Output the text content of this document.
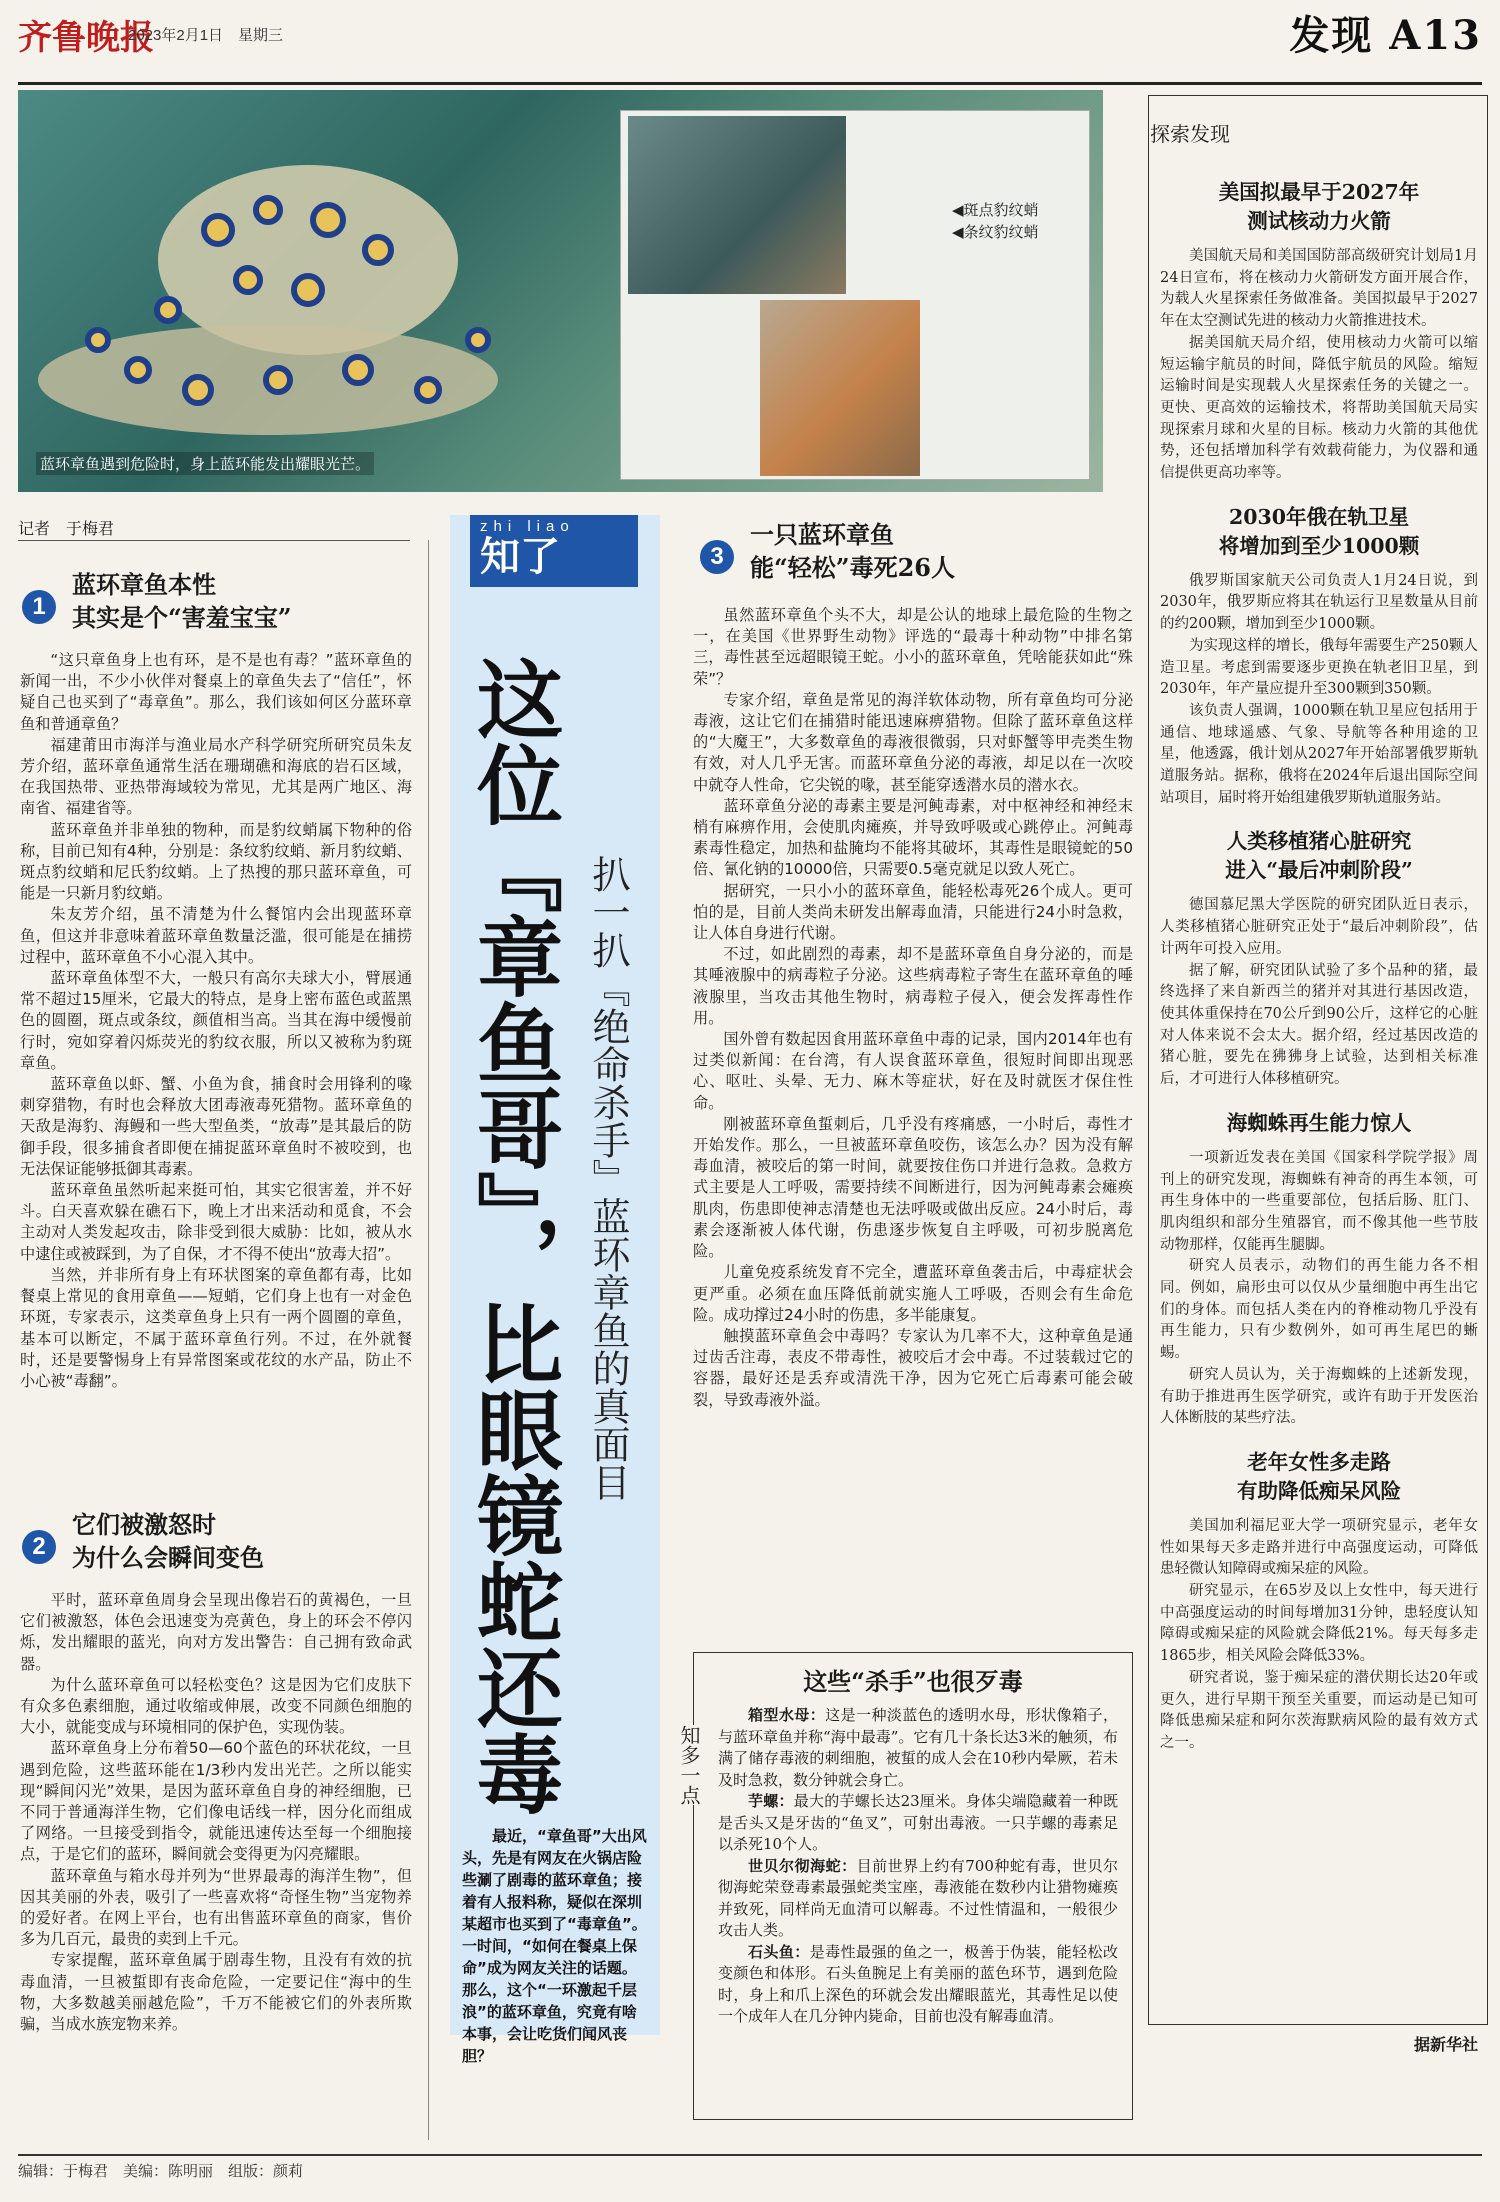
齐鲁晚报
2023年2月1日　星期三	发现 A13
◀斑点豹纹蛸
◀条纹豹纹蛸
蓝环章鱼遇到危险时，身上蓝环能发出耀眼光芒。
记者　于梅君
1
蓝环章鱼本性
其实是个“害羞宝宝”

“这只章鱼身上也有环，是不是也有毒？”蓝环章鱼的新闻一出，不少小伙伴对餐桌上的章鱼失去了“信任”，怀疑自己也买到了“毒章鱼”。那么，我们该如何区分蓝环章鱼和普通章鱼？

福建莆田市海洋与渔业局水产科学研究所研究员朱友芳介绍，蓝环章鱼通常生活在珊瑚礁和海底的岩石区域，在我国热带、亚热带海域较为常见，尤其是两广地区、海南省、福建省等。

蓝环章鱼并非单独的物种，而是豹纹蛸属下物种的俗称，目前已知有4种，分别是：条纹豹纹蛸、新月豹纹蛸、斑点豹纹蛸和尼氏豹纹蛸。上了热搜的那只蓝环章鱼，可能是一只新月豹纹蛸。

朱友芳介绍，虽不清楚为什么餐馆内会出现蓝环章鱼，但这并非意味着蓝环章鱼数量泛滥，很可能是在捕捞过程中，蓝环章鱼不小心混入其中。

蓝环章鱼体型不大，一般只有高尔夫球大小，臂展通常不超过15厘米，它最大的特点，是身上密布蓝色或蓝黑色的圆圈，斑点或条纹，颜值相当高。当其在海中缓慢前行时，宛如穿着闪烁荧光的豹纹衣服，所以又被称为豹斑章鱼。

蓝环章鱼以虾、蟹、小鱼为食，捕食时会用锋利的喙刺穿猎物，有时也会释放大团毒液毒死猎物。蓝环章鱼的天敌是海豹、海鳗和一些大型鱼类，“放毒”是其最后的防御手段，很多捕食者即便在捕捉蓝环章鱼时不被咬到，也无法保证能够抵御其毒素。

蓝环章鱼虽然听起来挺可怕，其实它很害羞，并不好斗。白天喜欢躲在礁石下，晚上才出来活动和觅食，不会主动对人类发起攻击，除非受到很大威胁：比如，被从水中逮住或被踩到，为了自保，才不得不使出“放毒大招”。

当然，并非所有身上有环状图案的章鱼都有毒，比如餐桌上常见的食用章鱼——短蛸，它们身上也有一对金色环斑，专家表示，这类章鱼身上只有一两个圆圈的章鱼，基本可以断定，不属于蓝环章鱼行列。不过，在外就餐时，还是要警惕身上有异常图案或花纹的水产品，防止不小心被“毒翻”。

2
它们被激怒时
为什么会瞬间变色

平时，蓝环章鱼周身会呈现出像岩石的黄褐色，一旦它们被激怒，体色会迅速变为亮黄色，身上的环会不停闪烁，发出耀眼的蓝光，向对方发出警告：自己拥有致命武器。

为什么蓝环章鱼可以轻松变色？这是因为它们皮肤下有众多色素细胞，通过收缩或伸展，改变不同颜色细胞的大小，就能变成与环境相同的保护色，实现伪装。

蓝环章鱼身上分布着50—60个蓝色的环状花纹，一旦遇到危险，这些蓝环能在1/3秒内发出光芒。之所以能实现“瞬间闪光”效果，是因为蓝环章鱼自身的神经细胞，已不同于普通海洋生物，它们像电话线一样，因分化而组成了网络。一旦接受到指令，就能迅速传达至每一个细胞接点，于是它们的蓝环，瞬间就会变得更为闪亮耀眼。

蓝环章鱼与箱水母并列为“世界最毒的海洋生物”，但因其美丽的外表，吸引了一些喜欢将“奇怪生物”当宠物养的爱好者。在网上平台，也有出售蓝环章鱼的商家，售价多为几百元，最贵的卖到上千元。

专家提醒，蓝环章鱼属于剧毒生物，且没有有效的抗毒血清，一旦被蜇即有丧命危险，一定要记住“海中的生物，大多数越美丽越危险”，千万不能被它们的外表所欺骗，当成水族宠物来养。

zhi liao
知了
这位『章鱼哥』，比眼镜蛇还毒 扒一扒『绝命杀手』蓝环章鱼的真面目
最近，“章鱼哥”大出风头，先是有网友在火锅店险些涮了剧毒的蓝环章鱼；接着有人报料称，疑似在深圳某超市也买到了“毒章鱼”。一时间，“如何在餐桌上保命”成为网友关注的话题。那么，这个“一环激起千层浪”的蓝环章鱼，究竟有啥本事，会让吃货们闻风丧胆？
3
一只蓝环章鱼
能“轻松”毒死26人

虽然蓝环章鱼个头不大，却是公认的地球上最危险的生物之一，在美国《世界野生动物》评选的“最毒十种动物”中排名第三，毒性甚至远超眼镜王蛇。小小的蓝环章鱼，凭啥能获如此“殊荣”？

专家介绍，章鱼是常见的海洋软体动物，所有章鱼均可分泌毒液，这让它们在捕猎时能迅速麻痹猎物。但除了蓝环章鱼这样的“大魔王”，大多数章鱼的毒液很微弱，只对虾蟹等甲壳类生物有效，对人几乎无害。而蓝环章鱼分泌的毒液，却足以在一次咬中就夺人性命，它尖锐的喙，甚至能穿透潜水员的潜水衣。

蓝环章鱼分泌的毒素主要是河鲀毒素，对中枢神经和神经末梢有麻痹作用，会使肌肉瘫痪，并导致呼吸或心跳停止。河鲀毒素毒性稳定，加热和盐腌均不能将其破坏，其毒性是眼镜蛇的50倍、氰化钠的10000倍，只需要0.5毫克就足以致人死亡。

据研究，一只小小的蓝环章鱼，能轻松毒死26个成人。更可怕的是，目前人类尚未研发出解毒血清，只能进行24小时急救，让人体自身进行代谢。

不过，如此剧烈的毒素，却不是蓝环章鱼自身分泌的，而是其唾液腺中的病毒粒子分泌。这些病毒粒子寄生在蓝环章鱼的唾液腺里，当攻击其他生物时，病毒粒子侵入，便会发挥毒性作用。

国外曾有数起因食用蓝环章鱼中毒的记录，国内2014年也有过类似新闻：在台湾，有人误食蓝环章鱼，很短时间即出现恶心、呕吐、头晕、无力、麻木等症状，好在及时就医才保住性命。

刚被蓝环章鱼蜇刺后，几乎没有疼痛感，一小时后，毒性才开始发作。那么，一旦被蓝环章鱼咬伤，该怎么办？因为没有解毒血清，被咬后的第一时间，就要按住伤口并进行急救。急救方式主要是人工呼吸，需要持续不间断进行，因为河鲀毒素会瘫痪肌肉，伤患即使神志清楚也无法呼吸或做出反应。24小时后，毒素会逐渐被人体代谢，伤患逐步恢复自主呼吸，可初步脱离危险。

儿童免疫系统发育不完全，遭蓝环章鱼袭击后，中毒症状会更严重。必须在血压降低前就实施人工呼吸，否则会有生命危险。成功撑过24小时的伤患，多半能康复。

触摸蓝环章鱼会中毒吗？专家认为几率不大，这种章鱼是通过齿舌注毒，表皮不带毒性，被咬后才会中毒。不过装载过它的容器，最好还是丢弃或清洗干净，因为它死亡后毒素可能会破裂，导致毒液外溢。

这些“杀手”也很歹毒
知多一点

箱型水母：这是一种淡蓝色的透明水母，形状像箱子，与蓝环章鱼并称“海中最毒”。它有几十条长达3米的触须，布满了储存毒液的刺细胞，被蜇的成人会在10秒内晕厥，若未及时急救，数分钟就会身亡。

芋螺：最大的芋螺长达23厘米。身体尖端隐藏着一种既是舌头又是牙齿的“鱼叉”，可射出毒液。一只芋螺的毒素足以杀死10个人。

世贝尔彻海蛇：目前世界上约有700种蛇有毒，世贝尔彻海蛇荣登毒素最强蛇类宝座，毒液能在数秒内让猎物瘫痪并致死，同样尚无血清可以解毒。不过性情温和，一般很少攻击人类。

石头鱼：是毒性最强的鱼之一，极善于伪装，能轻松改变颜色和体形。石头鱼腕足上有美丽的蓝色环节，遇到危险时，身上和爪上深色的环就会发出耀眼蓝光，其毒性足以使一个成年人在几分钟内毙命，目前也没有解毒血清。

探索发现

美国拟最早于2027年

测试核动力火箭

美国航天局和美国国防部高级研究计划局1月24日宣布，将在核动力火箭研发方面开展合作，为载人火星探索任务做准备。美国拟最早于2027年在太空测试先进的核动力火箭推进技术。

据美国航天局介绍，使用核动力火箭可以缩短运输宇航员的时间，降低宇航员的风险。缩短运输时间是实现载人火星探索任务的关键之一。更快、更高效的运输技术，将帮助美国航天局实现探索月球和火星的目标。核动力火箭的其他优势，还包括增加科学有效载荷能力，为仪器和通信提供更高功率等。

2030年俄在轨卫星

将增加到至少1000颗

俄罗斯国家航天公司负责人1月24日说，到2030年，俄罗斯应将其在轨运行卫星数量从目前的约200颗，增加到至少1000颗。

为实现这样的增长，俄每年需要生产250颗人造卫星。考虑到需要逐步更换在轨老旧卫星，到2030年，年产量应提升至300颗到350颗。

该负责人强调，1000颗在轨卫星应包括用于通信、地球遥感、气象、导航等各种用途的卫星，他透露，俄计划从2027年开始部署俄罗斯轨道服务站。据称，俄将在2024年后退出国际空间站项目，届时将开始组建俄罗斯轨道服务站。

人类移植猪心脏研究

进入“最后冲刺阶段”

德国慕尼黑大学医院的研究团队近日表示，人类移植猪心脏研究正处于“最后冲刺阶段”，估计两年可投入应用。

据了解，研究团队试验了多个品种的猪，最终选择了来自新西兰的猪并对其进行基因改造，使其体重保持在70公斤到90公斤，这样它的心脏对人体来说不会太大。据介绍，经过基因改造的猪心脏，要先在狒狒身上试验，达到相关标准后，才可进行人体移植研究。

海蜘蛛再生能力惊人

一项新近发表在美国《国家科学院学报》周刊上的研究发现，海蜘蛛有神奇的再生本领，可再生身体中的一些重要部位，包括后肠、肛门、肌肉组织和部分生殖器官，而不像其他一些节肢动物那样，仅能再生腿脚。

研究人员表示，动物们的再生能力各不相同。例如，扁形虫可以仅从少量细胞中再生出它们的身体。而包括人类在内的脊椎动物几乎没有再生能力，只有少数例外，如可再生尾巴的蜥蜴。

研究人员认为，关于海蜘蛛的上述新发现，有助于推进再生医学研究，或许有助于开发医治人体断肢的某些疗法。

老年女性多走路

有助降低痴呆风险

美国加利福尼亚大学一项研究显示，老年女性如果每天多走路并进行中高强度运动，可降低患轻微认知障碍或痴呆症的风险。

研究显示，在65岁及以上女性中，每天进行中高强度运动的时间每增加31分钟，患轻度认知障碍或痴呆症的风险就会降低21%。每天每多走1865步，相关风险会降低33%。

研究者说，鉴于痴呆症的潜伏期长达20年或更久，进行早期干预至关重要，而运动是已知可降低患痴呆症和阿尔茨海默病风险的最有效方式之一。

据新华社
编辑：于梅君　美编：陈明丽　组版：颜莉
